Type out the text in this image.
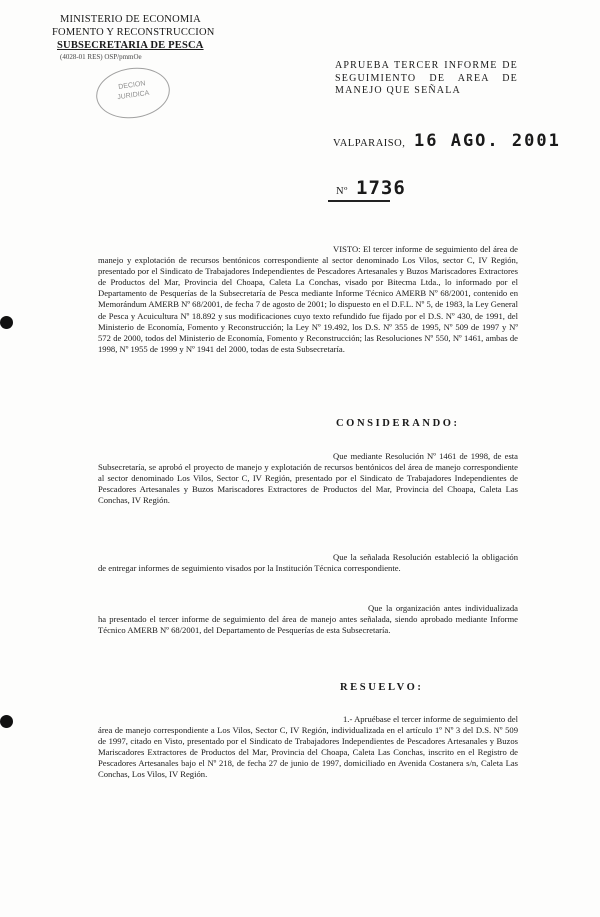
MINISTERIO DE ECONOMIA
FOMENTO Y RECONSTRUCCION
SUBSECRETARIA DE PESCA
(4028-01 RES) OSP/pmmOe
DECION
JURIDICA
APRUEBA TERCER INFORME DE SEGUIMIENTO DE AREA DE MANEJO QUE SEÑALA
VALPARAISO, 16 AGO. 2001
Nº 1736
VISTO: El tercer informe de seguimiento del área de manejo y explotación de recursos bentónicos correspondiente al sector denominado Los Vilos, sector C, IV Región, presentado por el Sindicato de Trabajadores Independientes de Pescadores Artesanales y Buzos Mariscadores Extractores de Productos del Mar, Provincia del Choapa, Caleta La Conchas, visado por Bitecma Ltda., lo informado por el Departamento de Pesquerías de la Subsecretaría de Pesca mediante Informe Técnico AMERB Nº 68/2001, contenido en Memorándum AMERB Nº 68/2001, de fecha 7 de agosto de 2001; lo dispuesto en el D.F.L. Nº 5, de 1983, la Ley General de Pesca y Acuicultura Nº 18.892 y sus modificaciones cuyo texto refundido fue fijado por el D.S. Nº 430, de 1991, del Ministerio de Economía, Fomento y Reconstrucción; la Ley Nº 19.492, los D.S. Nº 355 de 1995, Nº 509 de 1997 y Nº 572 de 2000, todos del Ministerio de Economía, Fomento y Reconstrucción; las Resoluciones Nº 550, Nº 1461, ambas de 1998, Nº 1955 de 1999 y Nº 1941 del 2000, todas de esta Subsecretaría.
CONSIDERANDO:
Que mediante Resolución Nº 1461 de 1998, de esta Subsecretaría, se aprobó el proyecto de manejo y explotación de recursos bentónicos del área de manejo correspondiente al sector denominado Los Vilos, Sector C, IV Región, presentado por el Sindicato de Trabajadores Independientes de Pescadores Artesanales y Buzos Mariscadores Extractores de Productos del Mar, Provincia del Choapa, Caleta Las Conchas, IV Región.
Que la señalada Resolución estableció la obligación de entregar informes de seguimiento visados por la Institución Técnica correspondiente.
Que la organización antes individualizada ha presentado el tercer informe de seguimiento del área de manejo antes señalada, siendo aprobado mediante Informe Técnico AMERB Nº 68/2001, del Departamento de Pesquerías de esta Subsecretaría.
RESUELVO:
1.- Apruébase el tercer informe de seguimiento del área de manejo correspondiente a Los Vilos, Sector C, IV Región, individualizada en el artículo 1º Nº 3 del D.S. Nº 509 de 1997, citado en Visto, presentado por el Sindicato de Trabajadores Independientes de Pescadores Artesanales y Buzos Mariscadores Extractores de Productos del Mar, Provincia del Choapa, Caleta Las Conchas, inscrito en el Registro de Pescadores Artesanales bajo el Nº 218, de fecha 27 de junio de 1997, domiciliado en Avenida Costanera s/n, Caleta Las Conchas, Los Vilos, IV Región.
